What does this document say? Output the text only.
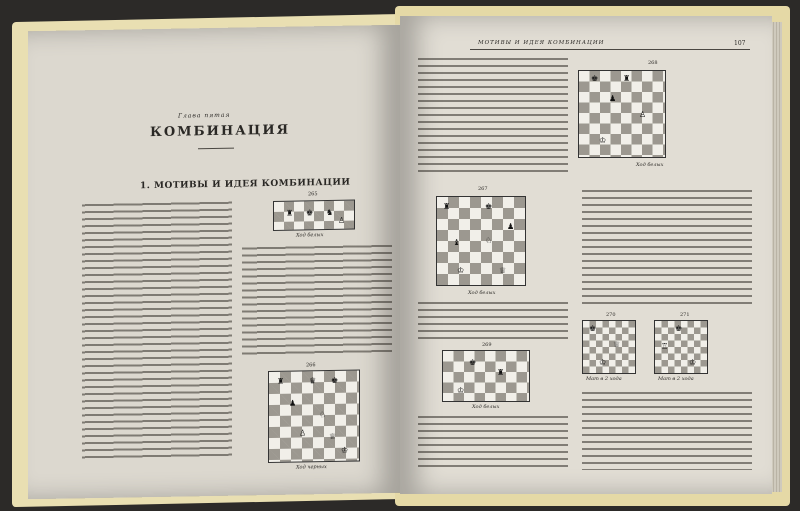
Глава пятая
КОМБИНАЦИЯ
1. МОТИВЫ И ИДЕЯ КОМБИНАЦИИ
265
♜ ♚ ♞
♙
Ход белых
266
♜	♛ ♚
♟
♘
♙	♕
♔
Ход черных
МОТИВЫ И ИДЕЯ КОМБИНАЦИИ	107
268
♚	♜
♟
♙
♔
Ход белых
267
♜	♚
♟
♝	♘
♔	♕
Ход белых
269
♚
♜
♔
Ход белых
270
♚
♕
♔
Мат в 2 хода
271
♚
♖
♔
Мат в 2 хода
